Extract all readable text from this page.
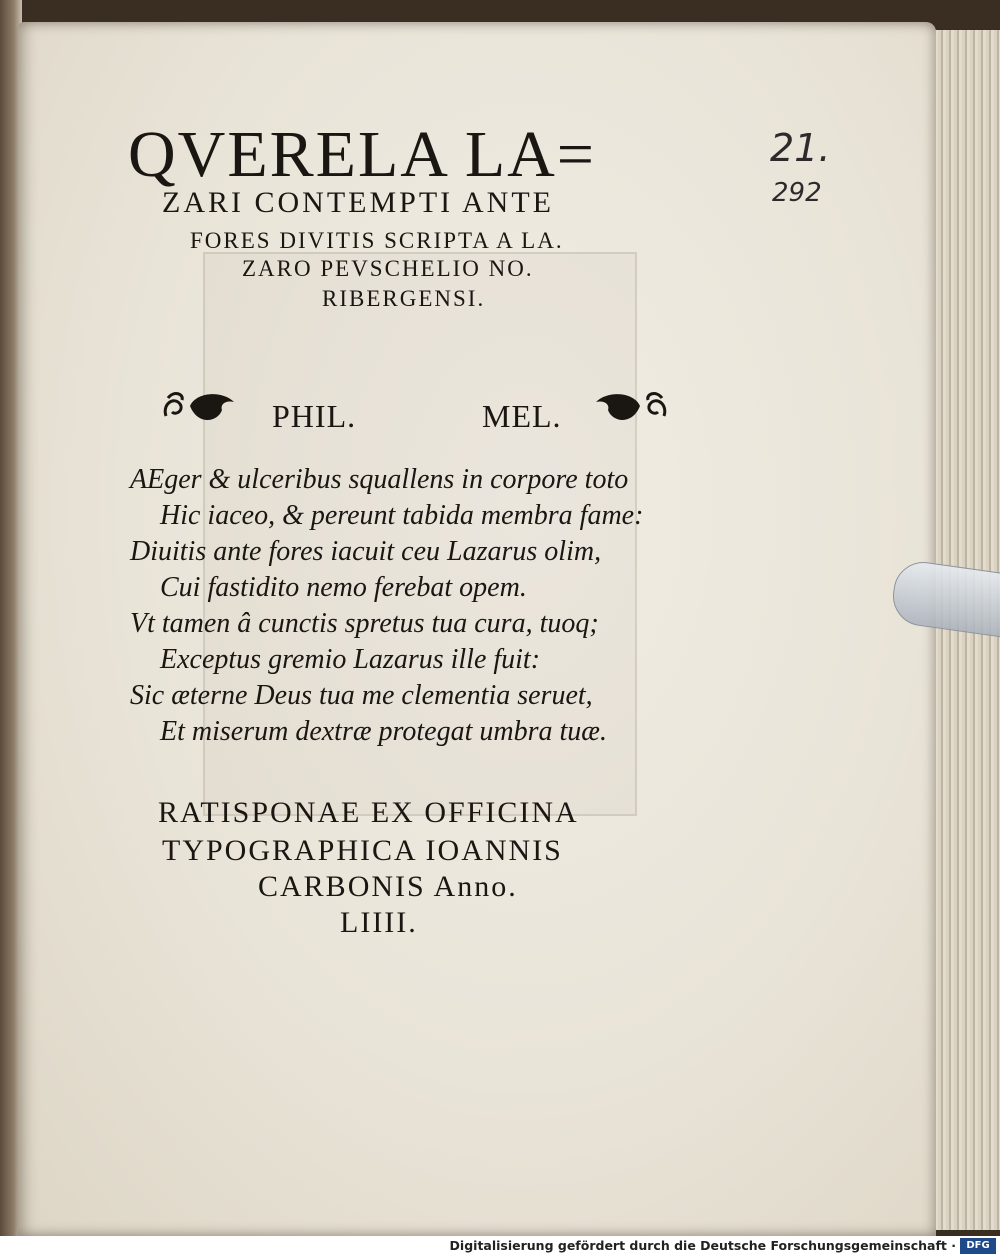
QVERELA LA=

ZARI CONTEMPTI ANTE

FORES DIVITIS SCRIPTA A LA.

ZARO PEVSCHELIO NO.

RIBERGENSI.

PHIL.	MEL.

AEger & ulceribus squallens in corpore toto

Hic iaceo, & pereunt tabida membra fame:

Diuitis ante fores iacuit ceu Lazarus olim,

Cui fastidito nemo ferebat opem.

Vt tamen â cunctis spretus tua cura, tuoq;

Exceptus gremio Lazarus ille fuit:

Sic æterne Deus tua me clementia seruet,

Et miserum dextræ protegat umbra tuæ.

RATISPONAE EX OFFICINA

TYPOGRAPHICA IOANNIS

CARBONIS Anno.

LIIII.

21.

292

Digitalisierung gefördert durch die Deutsche Forschungsgemeinschaft ·	DFG
